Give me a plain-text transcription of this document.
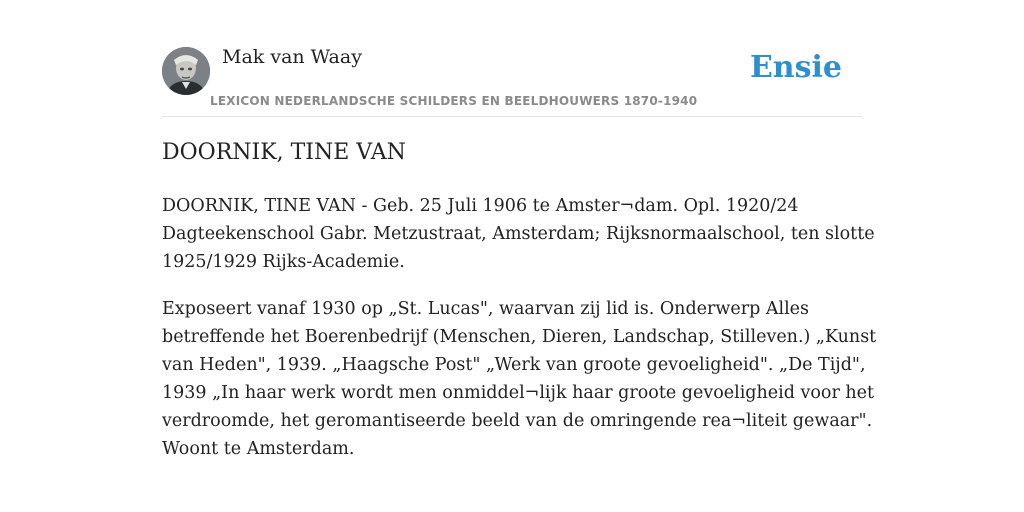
Mak van Waay
LEXICON NEDERLANDSCHE SCHILDERS EN BEELDHOUWERS 1870-1940
Ensie
DOORNIK, TINE VAN

DOORNIK, TINE VAN - Geb. 25 Juli 1906 te Amster¬dam. Opl. 1920/24
Dagteekenschool Gabr. Metzustraat, Amsterdam; Rijksnormaalschool, ten slotte
1925/1929 Rijks-Academie.

Exposeert vanaf 1930 op „St. Lucas", waarvan zij lid is. Onderwerp Alles
betreffende het Boerenbedrijf (Menschen, Dieren, Landschap, Stilleven.) „Kunst
van Heden", 1939. „Haagsche Post" „Werk van groote gevoeligheid". „De Tijd",
1939 „In haar werk wordt men onmiddel¬lijk haar groote gevoeligheid voor het
verdroomde, het geromantiseerde beeld van de omringende rea¬liteit gewaar".
Woont te Amsterdam.
